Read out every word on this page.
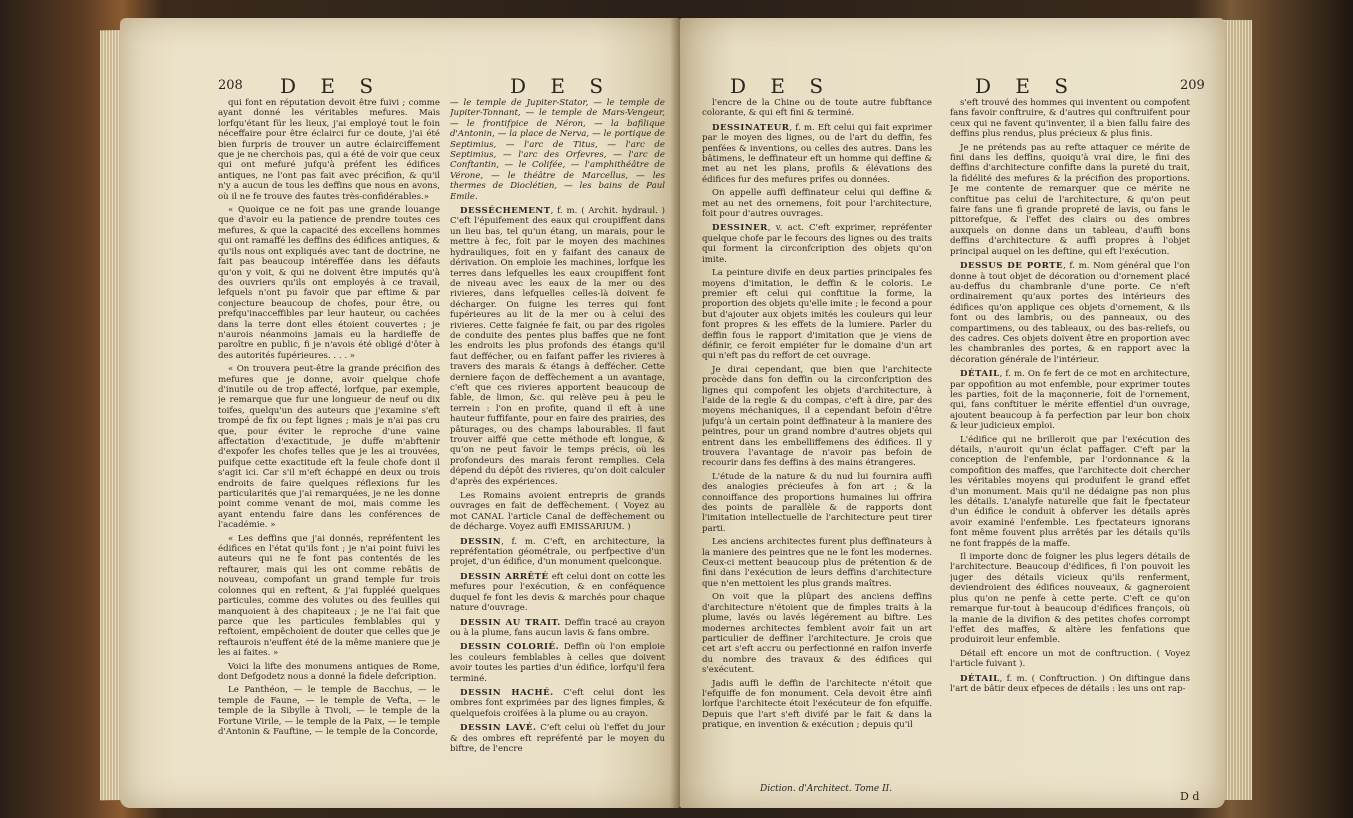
208 D E S	D E S

qui font en réputation devoit être fuivi ; comme ayant donné les véritables mefures. Mais lorfqu'étant für les lieux, j'ai employé tout le foin néceffaire pour être éclairci fur ce doute, j'ai été bien furpris de trouver un autre éclairciffement que je ne cherchois pas, qui a été de voir que ceux qui ont mefuré jufqu'à préfent les édifices antiques, ne l'ont pas fait avec précifion, & qu'il n'y a aucun de tous les deffins que nous en avons, où il ne fe trouve des fautes très-confidérables.»

« Quoique ce ne foit pas une grande louange que d'avoir eu la patience de prendre toutes ces mefures, & que la capacité des excellens hommes qui ont ramaffé les deffins des édifices antiques, & qu'ils nous ont expliqués avec tant de doctrine, ne fait pas beaucoup intéreffée dans les défauts qu'on y voit, & qui ne doivent être imputés qu'à des ouvriers qu'ils ont employés à ce travail, lefquels n'ont pu favoir que par eftime & par conjecture beaucoup de chofes, pour être, ou prefqu'inacceffibles par leur hauteur, ou cachées dans la terre dont elles étoient couvertes ; je n'aurois néanmoins jamais eu la hardieffe de paroître en public, fi je n'avois été obligé d'ôter à des autorités fupérieures. . . . »

« On trouvera peut-être la grande précifion des mefures que je donne, avoir quelque chofe d'inutile ou de trop affecté, lorfque, par exemple, je remarque que fur une longueur de neuf ou dix toifes, quelqu'un des auteurs que j'examine s'eft trompé de fix ou fept lignes ; mais je n'ai pas cru que, pour éviter le reproche d'une vaine affectation d'exactitude, je duffe m'abftenir d'expofer les chofes telles que je les ai trouvées, puifque cette exactitude eft la feule chofe dont il s'agit ici. Car s'il m'eft échappé en deux ou trois endroits de faire quelques réflexions fur les particularités que j'ai remarquées, je ne les donne point comme venant de moi, mais comme les ayant entendu faire dans les conférences de l'académie. »

« Les deffins que j'ai donnés, repréfentent les édifices en l'état qu'ils font ; je n'ai point fuivi les auteurs qui ne fe font pas contentés de les reftaurer, mais qui les ont comme rebâtis de nouveau, compofant un grand temple fur trois colonnes qui en reftent, & j'ai fuppléé quelques particules, comme des volutes ou des feuilles qui manquoient à des chapiteaux ; je ne l'ai fait que parce que les particules femblables qui y reftoient, empêchoient de douter que celles que je reftaurois n'euffent été de la même maniere que je les ai faites. »

Voici la lifte des monumens antiques de Rome, dont Defgodetz nous a donné la fidele defcription.

Le Panthéon, — le temple de Bacchus, — le temple de Faune, — le temple de Vefta, — le temple de la Sibylle à Tivoli, — le temple de la Fortune Virile, — le temple de la Paix, — le temple d'Antonin & Fauftine, — le temple de la Concorde,

— le temple de Jupiter-Stator, — le temple de Jupiter-Tonnant, — le temple de Mars-Vengeur, — le frontifpice de Néron, — la bafilique d'Antonin, — la place de Nerva, — le portique de Septimius, — l'arc de Titus, — l'arc de Septimius, — l'arc des Orfevres, — l'arc de Conftantin, — le Colifée, — l'amphithéâtre de Vérone, — le théâtre de Marcellus, — les thermes de Dioclétien, — les bains de Paul Emile.

DESSÉCHEMENT, f. m. ( Archit. hydraul. ) C'eft l'épuifement des eaux qui croupiffent dans un lieu bas, tel qu'un étang, un marais, pour le mettre à fec, foit par le moyen des machines hydrauliques, foit en y faifant des canaux de dérivation. On emploie les machines, lorfque les terres dans lefquelles les eaux croupiffent font de niveau avec les eaux de la mer ou des rivieres, dans lefquelles celles-là doivent fe décharger. On fuigne les terres qui font fupérieures au lit de la mer ou à celui des rivieres. Cette faignée fe fait, ou par des rigoles de conduite des pentes plus baffes que ne font les endroits les plus profonds des étangs qu'il faut deffécher, ou en faifant paffer les rivieres à travers des marais & étangs à deffécher. Cette derniere façon de deffèchement a un avantage, c'eft que ces rivieres apportent beaucoup de fable, de limon, &c. qui relève peu à peu le terrein : l'on en profite, quand il eft à une hauteur fuffifante, pour en faire des prairies, des pâturages, ou des champs labourables. Il faut trouver aiffé que cette méthode eft longue, & qu'on ne peut favoir le temps précis, où les profondeurs des marais feront remplies. Cela dépend du dépôt des rivieres, qu'on doit calculer d'après des expériences.

Les Romains avoient entrepris de grands ouvrages en fait de deffèchement. ( Voyez au mot CANAL l'article Canal de deffèchement ou de décharge. Voyez auffi EMISSARIUM. )

DESSIN, f. m. C'eft, en architecture, la repréfentation géométrale, ou perfpective d'un projet, d'un édifice, d'un monument quelconque.

DESSIN ARRÊTÉ eft celui dont on cotte les mefures pour l'exécution, & en conféquence duquel fe font les devis & marchés pour chaque nature d'ouvrage.

DESSIN AU TRAIT. Deffin tracé au crayon ou à la plume, fans aucun lavis & fans ombre.

DESSIN COLORIÉ. Deffin où l'on emploie les couleurs femblables à celles que doivent avoir toutes les parties d'un édifice, lorfqu'il fera terminé.

DESSIN HACHÉ. C'eft celui dont les ombres font exprimées par des lignes fimples, & quelquefois croifées à la plume ou au crayon.

DESSIN LAVÉ. C'eft celui où l'effet du jour & des ombres eft repréfenté par le moyen du biftre, de l'encre

D E S	D E S	209

l'encre de la Chine ou de toute autre fubftance colorante, & qui eft fini & terminé.

DESSINATEUR, f. m. Eft celui qui fait exprimer par le moyen des lignes, ou de l'art du deffin, fes penfées & inventions, ou celles des autres. Dans les bâtimens, le deffinateur eft un homme qui deffine & met au net les plans, profils & élévations des édifices fur des mefures prifes ou données.

On appelle auffi deffinateur celui qui deffine & met au net des ornemens, foit pour l'architecture, foit pour d'autres ouvrages.

DESSINER, v. act. C'eft exprimer, repréfenter quelque chofe par le fecours des lignes ou des traits qui forment la circonfcription des objets qu'on imite.

La peinture divife en deux parties principales fes moyens d'imitation, le deffin & le coloris. Le premier eft celui qui conftitue la forme, la proportion des objets qu'elle imite ; le fecond a pour but d'ajouter aux objets imités les couleurs qui leur font propres & les effets de la lumiere. Parler du deffin fous le rapport d'imitation que je viens de définir, ce feroit empiéter fur le domaine d'un art qui n'eft pas du reffort de cet ouvrage.

Je dirai cependant, que bien que l'architecte procède dans fon deffin ou la circonfcription des lignes qui compofent les objets d'architecture, à l'aide de la regle & du compas, c'eft à dire, par des moyens méchaniques, il a cependant befoin d'être jufqu'à un certain point deffinateur à la maniere des peintres, pour un grand nombre d'autres objets qui entrent dans les embelliffemens des édifices. Il y trouvera l'avantage de n'avoir pas befoin de recourir dans fes deffins à des mains étrangeres.

L'étude de la nature & du nud lui fournira auffi des analogies précieufes à fon art ; & la connoiffance des proportions humaines lui offrira des points de parallèle & de rapports dont l'imitation intellectuelle de l'architecture peut tirer parti.

Les anciens architectes furent plus deffinateurs à la maniere des peintres que ne le font les modernes. Ceux-ci mettent beaucoup plus de prétention & de fini dans l'exécution de leurs deffins d'architecture que n'en mettoient les plus grands maîtres.

On voit que la plûpart des anciens deffins d'architecture n'étoient que de fimples traits à la plume, lavés ou lavés légérement au biftre. Les modernes architectes femblent avoir fait un art particulier de deffiner l'architecture. Je crois que cet art s'eft accru ou perfectionné en raifon inverfe du nombre des travaux & des édifices qui s'exécutent.

Jadis auffi le deffin de l'architecte n'étoit que l'efquiffe de fon monument. Cela devoit être ainfi lorfque l'architecte étoit l'exécuteur de fon efquiffe. Depuis que l'art s'eft divifé par le fait & dans la pratique, en invention & exécution ; depuis qu'il

Diction. d'Architect. Tome II.

s'eft trouvé des hommes qui inventent ou compofent fans favoir conftruire, & d'autres qui conftruifent pour ceux qui ne favent qu'inventer, il a bien fallu faire des deffins plus rendus, plus précieux & plus finis.

Je ne prétends pas au refte attaquer ce mérite de fini dans les deffins, quoiqu'à vrai dire, le fini des deffins d'architecture confifte dans la pureté du trait, la fidélité des mefures & la précifion des proportions. Je me contente de remarquer que ce mérite ne conftitue pas celui de l'architecture, & qu'on peut faire fans une fi grande propreté de lavis, ou fans le pittorefque, & l'effet des clairs ou des ombres auxquels on donne dans un tableau, d'auffi bons deffins d'architecture & auffi propres à l'objet principal auquel on les deftine, qui eft l'exécution.

DESSUS DE PORTE, f. m. Nom général que l'on donne à tout objet de décoration ou d'ornement placé au-deffus du chambranle d'une porte. Ce n'eft ordinairement qu'aux portes des intérieurs des édifices qu'on applique ces objets d'ornement, & ils font ou des lambris, ou des panneaux, ou des compartimens, ou des tableaux, ou des bas-reliefs, ou des cadres. Ces objets doivent être en proportion avec les chambranles des portes, & en rapport avec la décoration générale de l'intérieur.

DÉTAIL, f. m. On fe fert de ce mot en architecture, par oppofition au mot enfemble, pour exprimer toutes les parties, foit de la maçonnerie, foit de l'ornement, qui, fans conftituer le mérite effentiel d'un ouvrage, ajoutent beaucoup à fa perfection par leur bon choix & leur judicieux emploi.

L'édifice qui ne brilleroit que par l'exécution des détails, n'auroit qu'un éclat paffager. C'eft par la conception de l'enfemble, par l'ordonnance & la compofition des maffes, que l'architecte doit chercher les véritables moyens qui produifent le grand effet d'un monument. Mais qu'il ne dédaigne pas non plus les détails. L'analyfe naturelle que fait le fpectateur d'un édifice le conduit à obferver les détails après avoir examiné l'enfemble. Les fpectateurs ignorans font même fouvent plus arrêtés par les détails qu'ils ne font frappés de la maffe.

Il importe donc de foigner les plus legers détails de l'architecture. Beaucoup d'édifices, fi l'on pouvoit les juger des détails vicieux qu'ils renferment, deviendroient des édifices nouveaux, & gagneroient plus qu'on ne penfe à cette perte. C'eft ce qu'on remarque fur-tout à beaucoup d'édifices françois, où la manie de la divifion & des petites chofes corrompt l'effet des maffes, & altère les fenfations que produiroit leur enfemble.

Détail eft encore un mot de conftruction. ( Voyez l'article fuivant ).

DÉTAIL, f. m. ( Conftruction. ) On diftingue dans l'art de bâtir deux efpeces de détails : les uns ont rap-

D d
